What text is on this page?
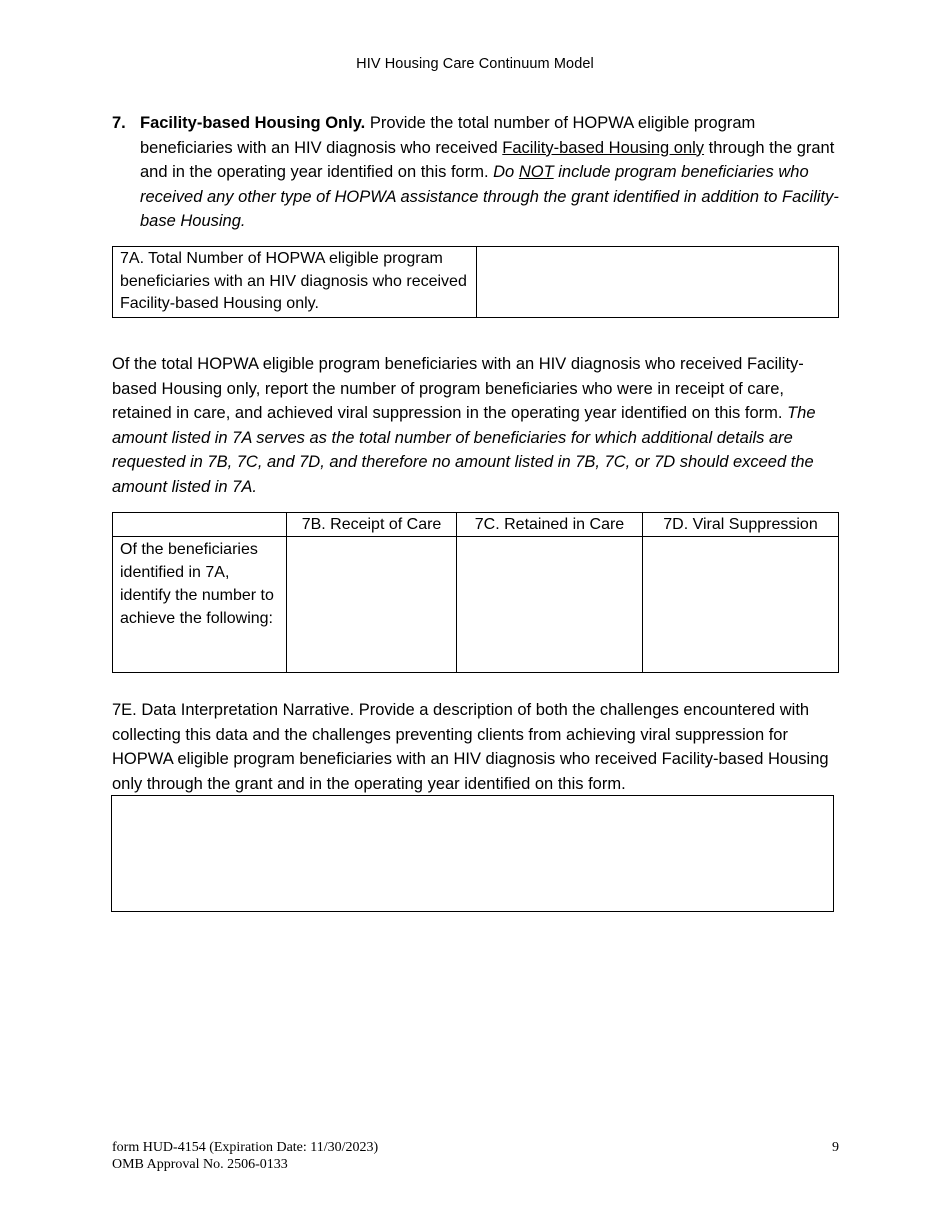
HIV Housing Care Continuum Model
7. Facility-based Housing Only. Provide the total number of HOPWA eligible program beneficiaries with an HIV diagnosis who received Facility-based Housing only through the grant and in the operating year identified on this form. Do NOT include program beneficiaries who received any other type of HOPWA assistance through the grant identified in addition to Facility-base Housing.
7A. Total Number of HOPWA eligible program beneficiaries with an HIV diagnosis who received Facility-based Housing only.	
Of the total HOPWA eligible program beneficiaries with an HIV diagnosis who received Facility-based Housing only, report the number of program beneficiaries who were in receipt of care, retained in care, and achieved viral suppression in the operating year identified on this form. The amount listed in 7A serves as the total number of beneficiaries for which additional details are requested in 7B, 7C, and 7D, and therefore no amount listed in 7B, 7C, or 7D should exceed the amount listed in 7A.
	7B. Receipt of Care	7C. Retained in Care	7D. Viral Suppression
Of the beneficiaries identified in 7A, identify the number to achieve the following:			
7E. Data Interpretation Narrative. Provide a description of both the challenges encountered with collecting this data and the challenges preventing clients from achieving viral suppression for HOPWA eligible program beneficiaries with an HIV diagnosis who received Facility-based Housing only through the grant and in the operating year identified on this form.
form HUD-4154 (Expiration Date: 11/30/2023)
OMB Approval No. 2506-0133
9
